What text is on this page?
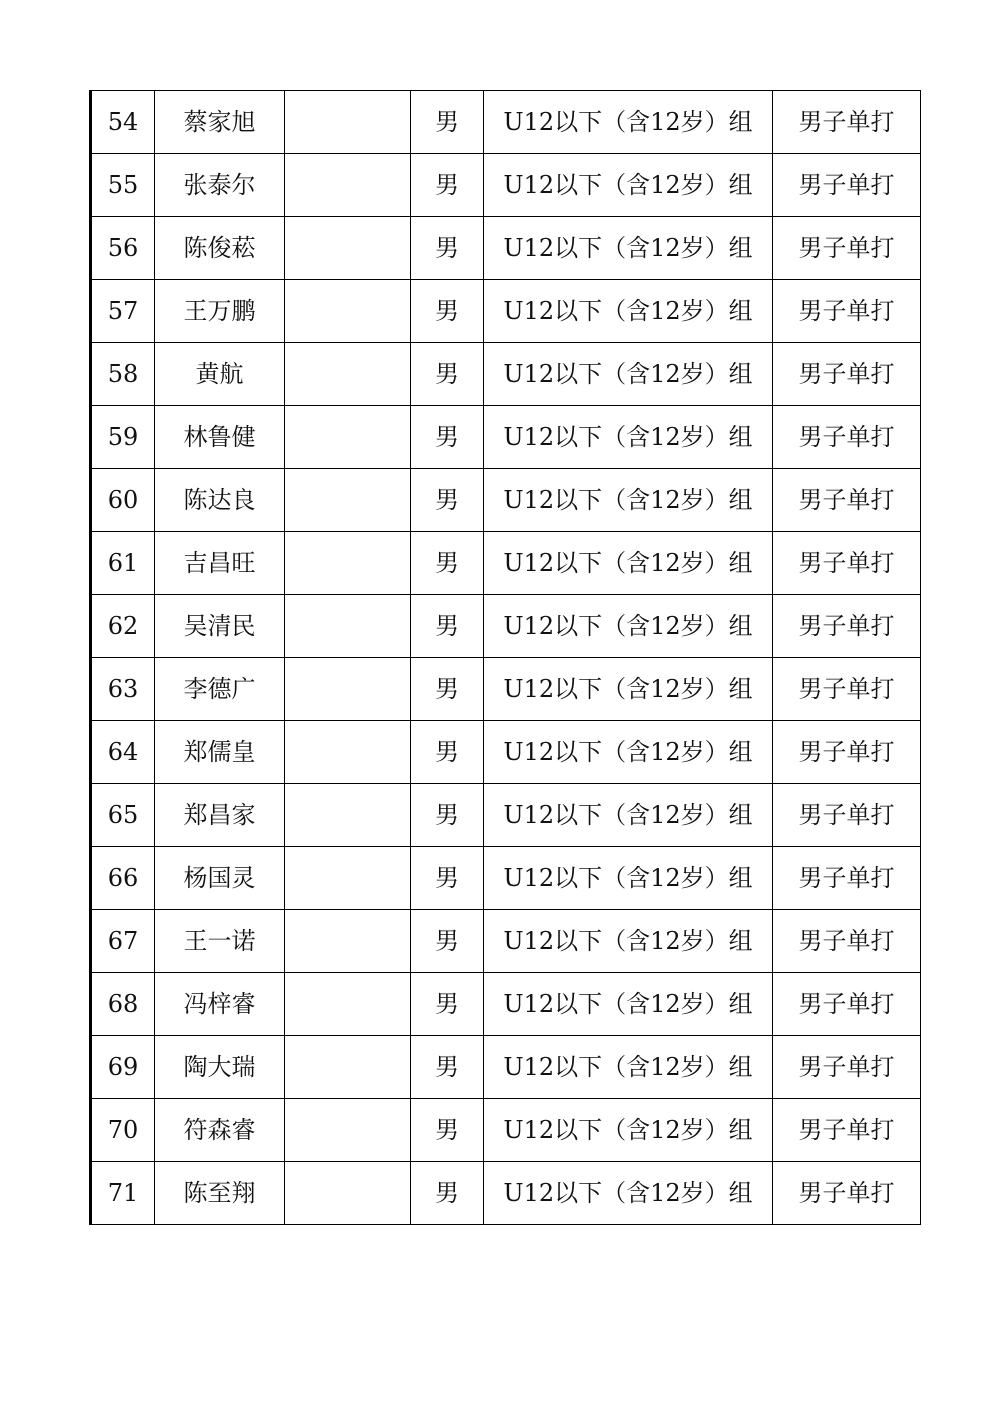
54	蔡家旭		男	U12以下（含12岁）组	男子单打
55	张泰尔		男	U12以下（含12岁）组	男子单打
56	陈俊菘		男	U12以下（含12岁）组	男子单打
57	王万鹏		男	U12以下（含12岁）组	男子单打
58	黄航		男	U12以下（含12岁）组	男子单打
59	林鲁健		男	U12以下（含12岁）组	男子单打
60	陈达良		男	U12以下（含12岁）组	男子单打
61	吉昌旺		男	U12以下（含12岁）组	男子单打
62	吴清民		男	U12以下（含12岁）组	男子单打
63	李德广		男	U12以下（含12岁）组	男子单打
64	郑儒皇		男	U12以下（含12岁）组	男子单打
65	郑昌家		男	U12以下（含12岁）组	男子单打
66	杨国灵		男	U12以下（含12岁）组	男子单打
67	王一诺		男	U12以下（含12岁）组	男子单打
68	冯梓睿		男	U12以下（含12岁）组	男子单打
69	陶大瑞		男	U12以下（含12岁）组	男子单打
70	符森睿		男	U12以下（含12岁）组	男子单打
71	陈至翔		男	U12以下（含12岁）组	男子单打
